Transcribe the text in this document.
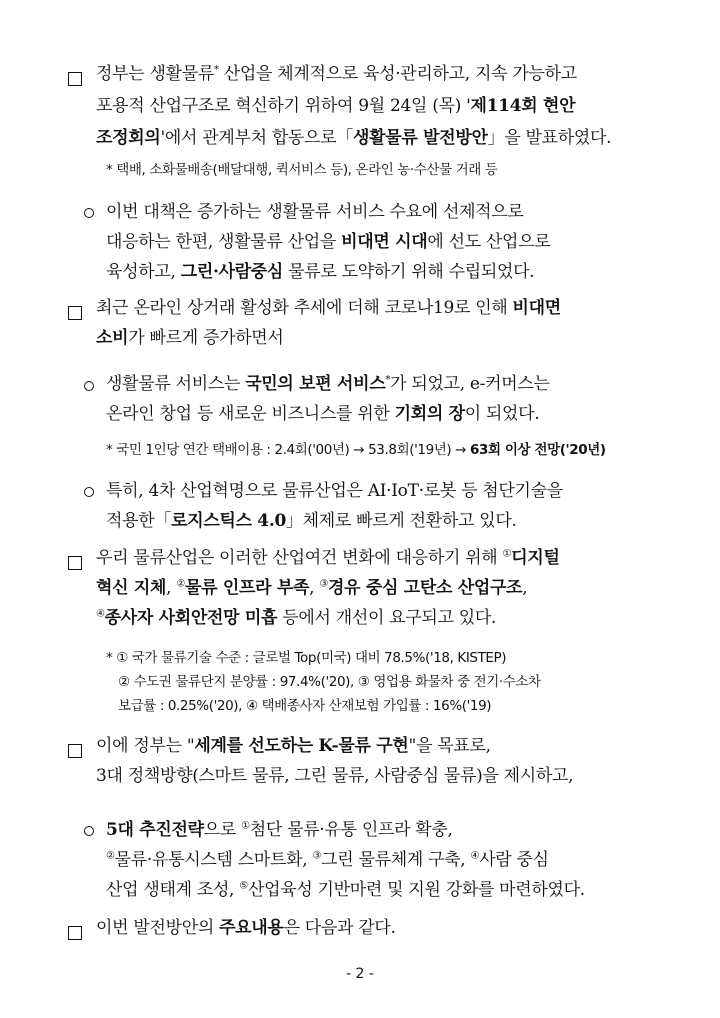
정부는 생활물류* 산업을 체계적으로 육성·관리하고, 지속 가능하고
포용적 산업구조로 혁신하기 위하여 9월 24일 (목) '제114회 현안
조정회의'에서 관계부처 합동으로「생활물류 발전방안」을 발표하였다.
* 택배, 소화물배송(배달대행, 퀵서비스 등), 온라인 농·수산물 거래 등
이번 대책은 증가하는 생활물류 서비스 수요에 선제적으로
대응하는 한편, 생활물류 산업을 비대면 시대에 선도 산업으로
육성하고, 그린·사람중심 물류로 도약하기 위해 수립되었다.
최근 온라인 상거래 활성화 추세에 더해 코로나19로 인해 비대면
소비가 빠르게 증가하면서
생활물류 서비스는 국민의 보편 서비스*가 되었고, e-커머스는
온라인 창업 등 새로운 비즈니스를 위한 기회의 장이 되었다.
* 국민 1인당 연간 택배이용 : 2.4회('00년) → 53.8회('19년) → 63회 이상 전망('20년)
특히, 4차 산업혁명으로 물류산업은 AI·IoT·로봇 등 첨단기술을
적용한「로지스틱스 4.0」체제로 빠르게 전환하고 있다.
우리 물류산업은 이러한 산업여건 변화에 대응하기 위해 ①디지털
혁신 지체, ②물류 인프라 부족, ③경유 중심 고탄소 산업구조,
④종사자 사회안전망 미흡 등에서 개선이 요구되고 있다.
* ① 국가 물류기술 수준 : 글로벌 Top(미국) 대비 78.5%('18, KISTEP)
② 수도권 물류단지 분양률 : 97.4%('20), ③ 영업용 화물차 중 전기·수소차
보급률 : 0.25%('20), ④ 택배종사자 산재보험 가입률 : 16%('19)
이에 정부는 "세계를 선도하는 K-물류 구현"을 목표로,
3대 정책방향(스마트 물류, 그린 물류, 사람중심 물류)을 제시하고,
5대 추진전략으로 ①첨단 물류·유통 인프라 확충,
②물류·유통시스템 스마트화, ③그린 물류체계 구축, ④사람 중심
산업 생태계 조성, ⑤산업육성 기반마련 및 지원 강화를 마련하였다.
이번 발전방안의 주요내용은 다음과 같다.
- 2 -
